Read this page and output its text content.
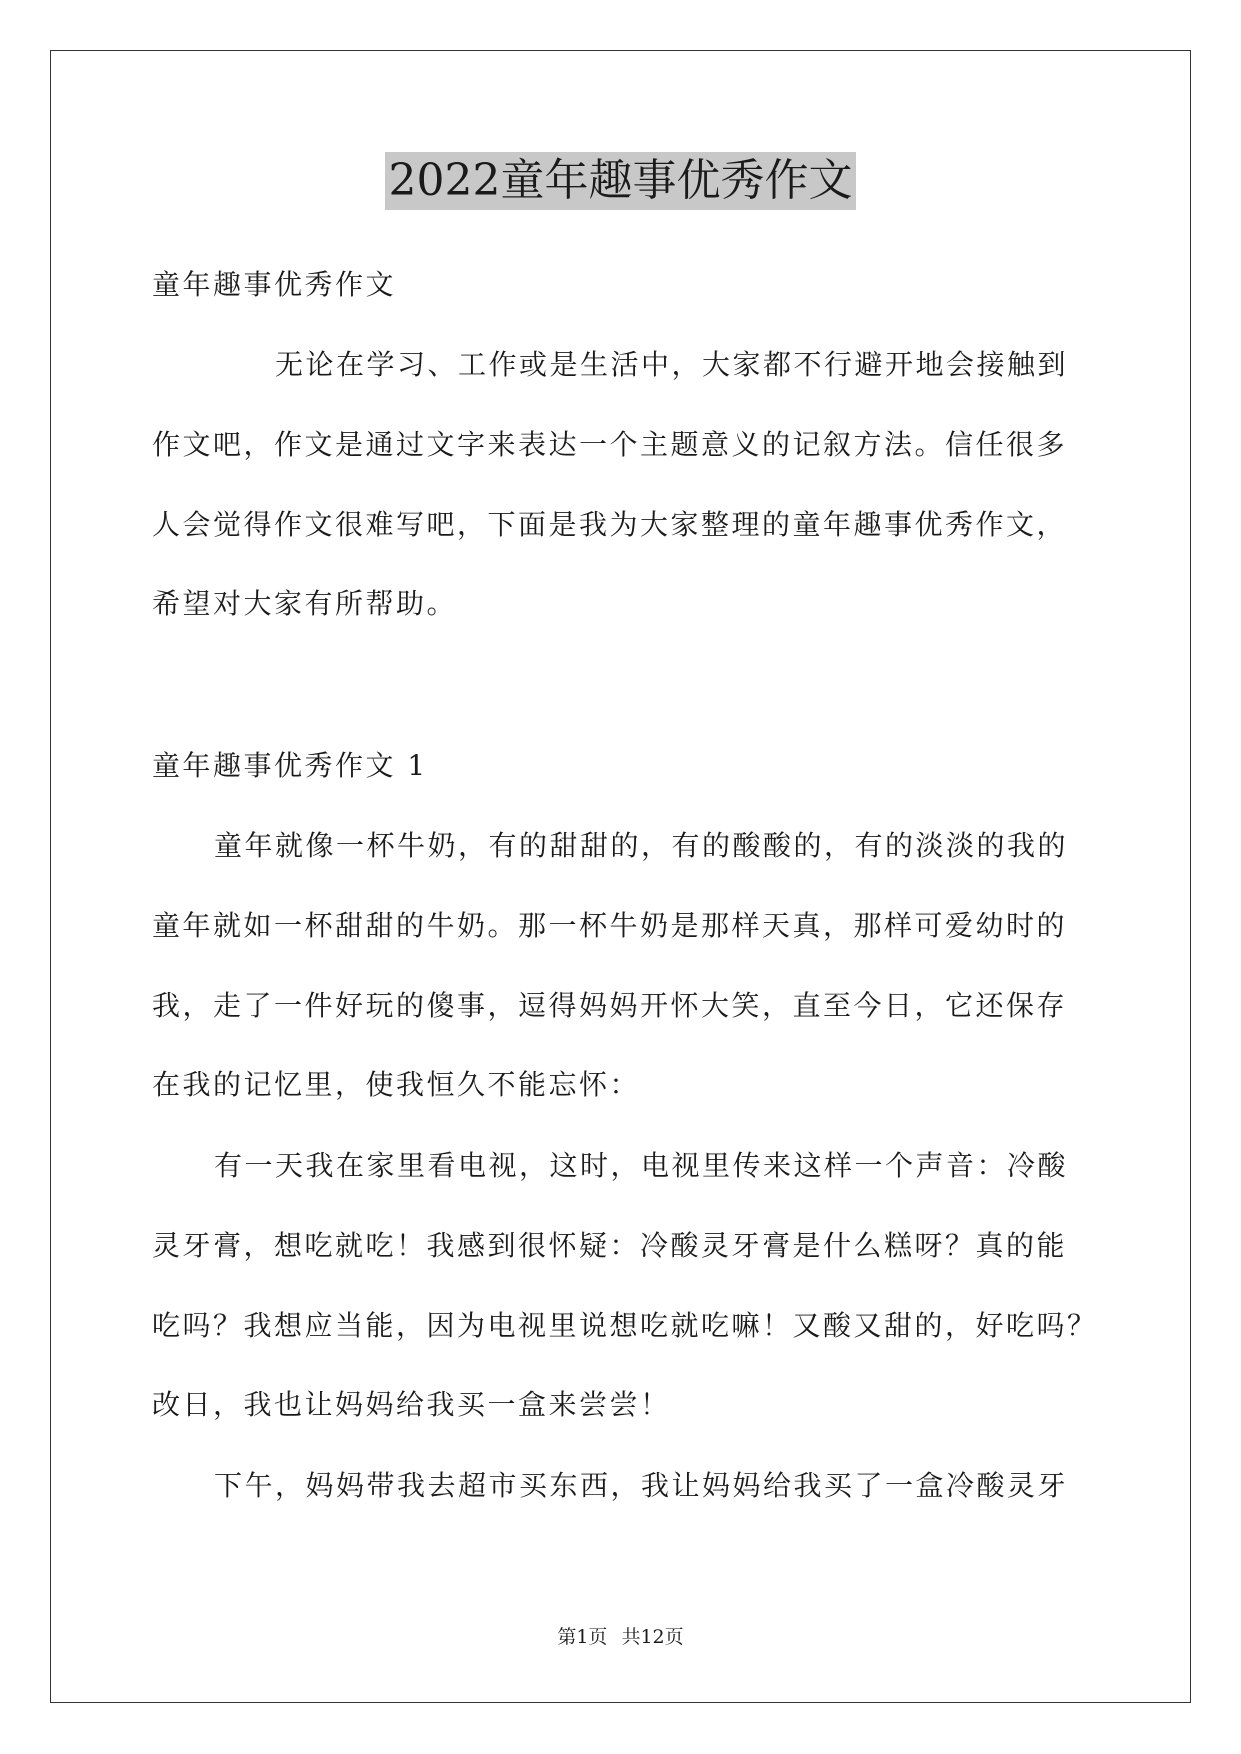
2022童年趣事优秀作文
童年趣事优秀作文
无论在学习、工作或是生活中，大家都不行避开地会接触到
作文吧，作文是通过文字来表达一个主题意义的记叙方法。信任很多
人会觉得作文很难写吧，下面是我为大家整理的童年趣事优秀作文，
希望对大家有所帮助。
童年趣事优秀作文 1
童年就像一杯牛奶，有的甜甜的，有的酸酸的，有的淡淡的我的
童年就如一杯甜甜的牛奶。那一杯牛奶是那样天真，那样可爱幼时的
我，走了一件好玩的傻事，逗得妈妈开怀大笑，直至今日，它还保存
在我的记忆里，使我恒久不能忘怀：
有一天我在家里看电视，这时，电视里传来这样一个声音：冷酸
灵牙膏，想吃就吃！我感到很怀疑：冷酸灵牙膏是什么糕呀？真的能
吃吗？我想应当能，因为电视里说想吃就吃嘛！又酸又甜的，好吃吗？
改日，我也让妈妈给我买一盒来尝尝！
下午，妈妈带我去超市买东西，我让妈妈给我买了一盒冷酸灵牙
第1页 共12页
